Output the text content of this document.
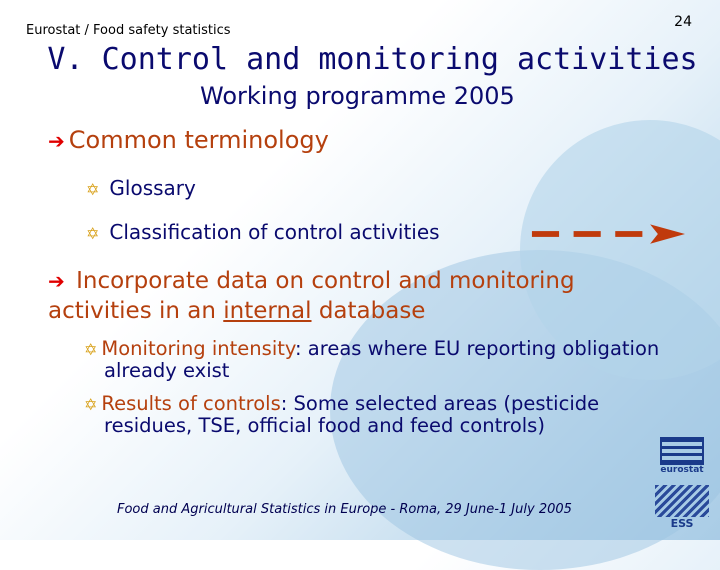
Eurostat / Food safety statistics
24
V. Control and monitoring activities
Working programme 2005
➔ Common terminology
✡ Glossary
✡ Classification of control activities
➔ Incorporate data on control and monitoring activities in an internal database
✡ Monitoring intensity: areas where EU reporting obligation already exist
✡ Results of controls: Some selected areas (pesticide residues, TSE, official food and feed controls)
Food and Agricultural Statistics in Europe - Roma, 29 June-1 July 2005
eurostat
ESS
